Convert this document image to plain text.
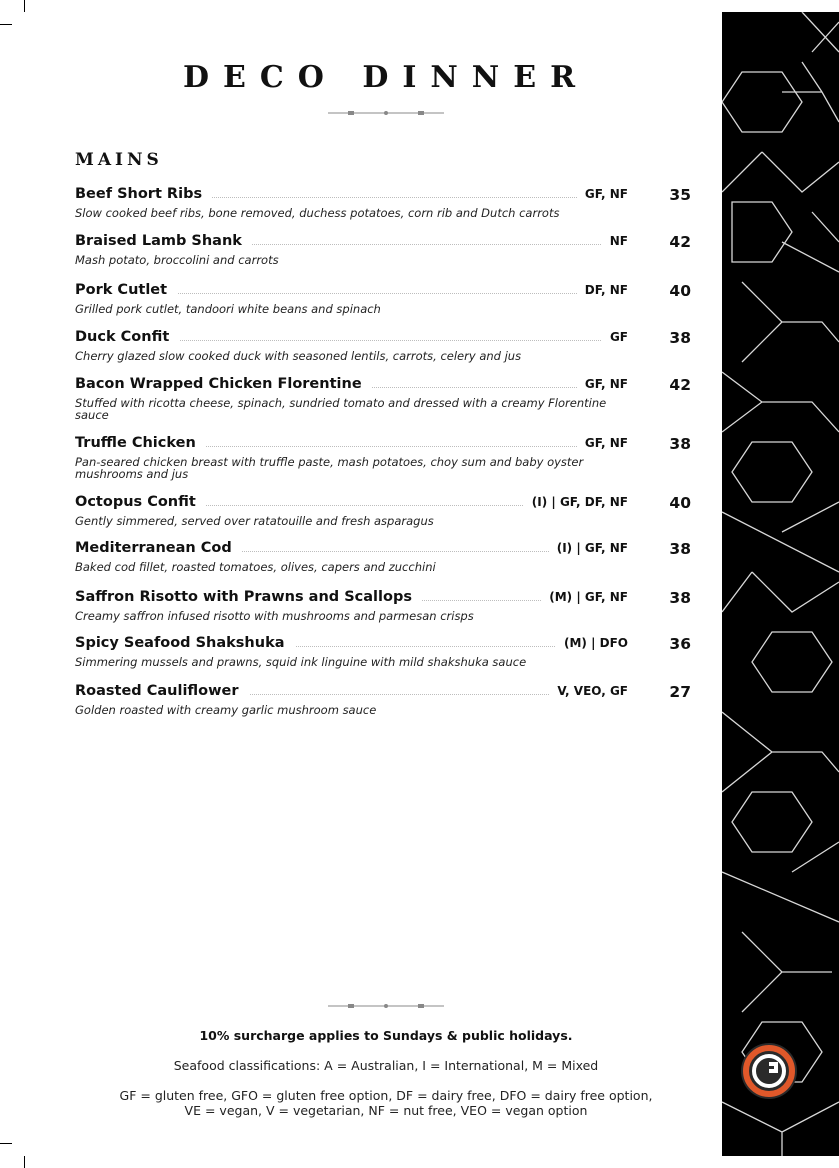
DECO DINNER
MAINS
Beef Short Ribs	GF, NF	35
Slow cooked beef ribs, bone removed, duchess potatoes, corn rib and Dutch carrots
Braised Lamb Shank	NF	42
Mash potato, broccolini and carrots
Pork Cutlet	DF, NF	40
Grilled pork cutlet, tandoori white beans and spinach
Duck Confit	GF	38
Cherry glazed slow cooked duck with seasoned lentils, carrots, celery and jus
Bacon Wrapped Chicken Florentine	GF, NF	42
Stuffed with ricotta cheese, spinach, sundried tomato and dressed with a creamy Florentine sauce
Truffle Chicken	GF, NF	38
Pan-seared chicken breast with truffle paste, mash potatoes, choy sum and baby oyster mushrooms and jus
Octopus Confit	(I) | GF, DF, NF	40
Gently simmered, served over ratatouille and fresh asparagus
Mediterranean Cod	(I) | GF, NF	38
Baked cod fillet, roasted tomatoes, olives, capers and zucchini
Saffron Risotto with Prawns and Scallops	(M) | GF, NF	38
Creamy saffron infused risotto with mushrooms and parmesan crisps
Spicy Seafood Shakshuka	(M) | DFO	36
Simmering mussels and prawns, squid ink linguine with mild shakshuka sauce
Roasted Cauliflower	V, VEO, GF	27
Golden roasted with creamy garlic mushroom sauce
10% surcharge applies to Sundays & public holidays.
Seafood classifications: A = Australian, I = International, M = Mixed
GF = gluten free, GFO = gluten free option, DF = dairy free, DFO = dairy free option,
VE = vegan, V = vegetarian, NF = nut free, VEO = vegan option
